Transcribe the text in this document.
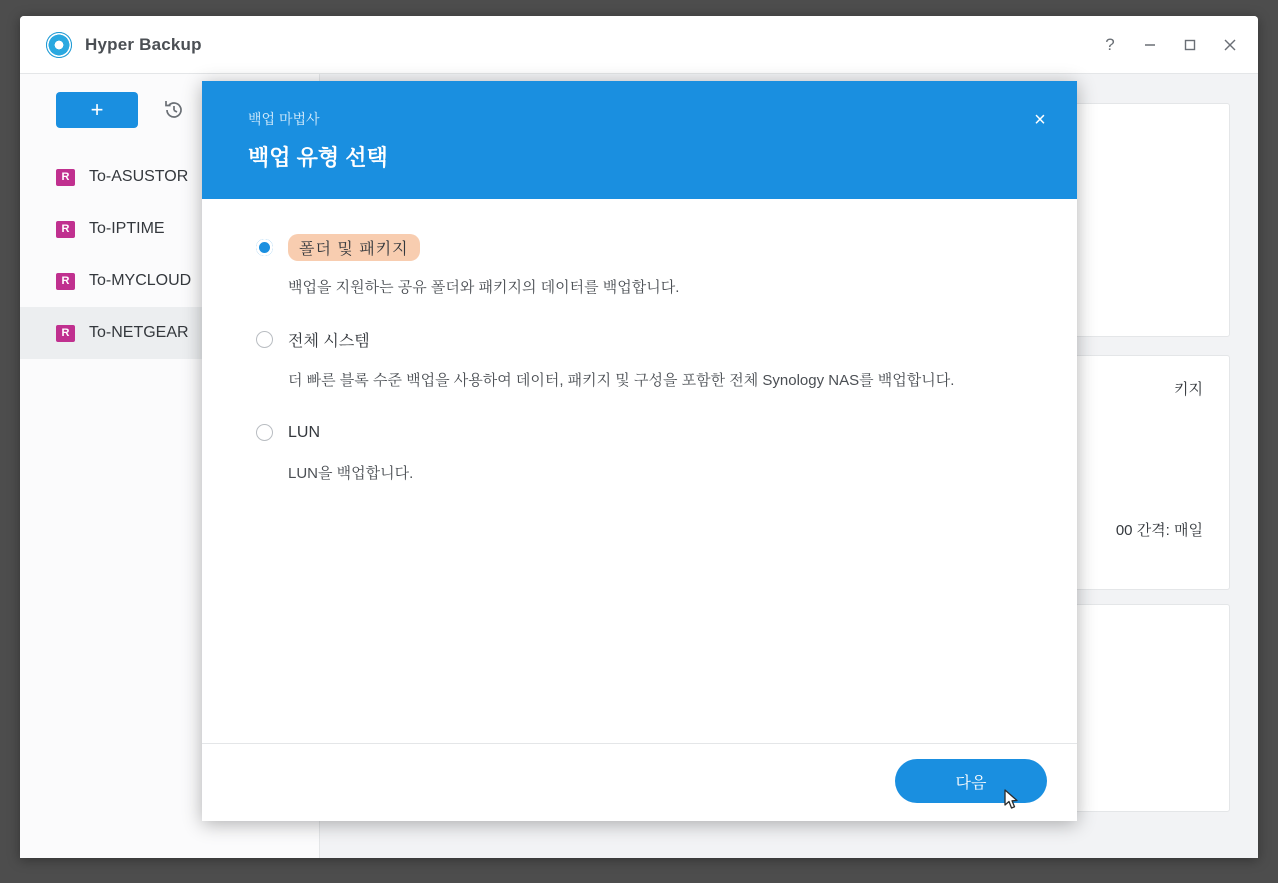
Hyper Backup	?
+
R
To-ASUSTOR
R
To-IPTIME
R
To-MYCLOUD
R
To-NETGEAR
키지
00 간격: 매일
백업 마법사
백업 유형 선택
×
폴더 및 패키지
백업을 지원하는 공유 폴더와 패키지의 데이터를 백업합니다.
전체 시스템
더 빠른 블록 수준 백업을 사용하여 데이터, 패키지 및 구성을 포함한 전체 Synology NAS를 백업합니다.
LUN
LUN을 백업합니다.
다음
